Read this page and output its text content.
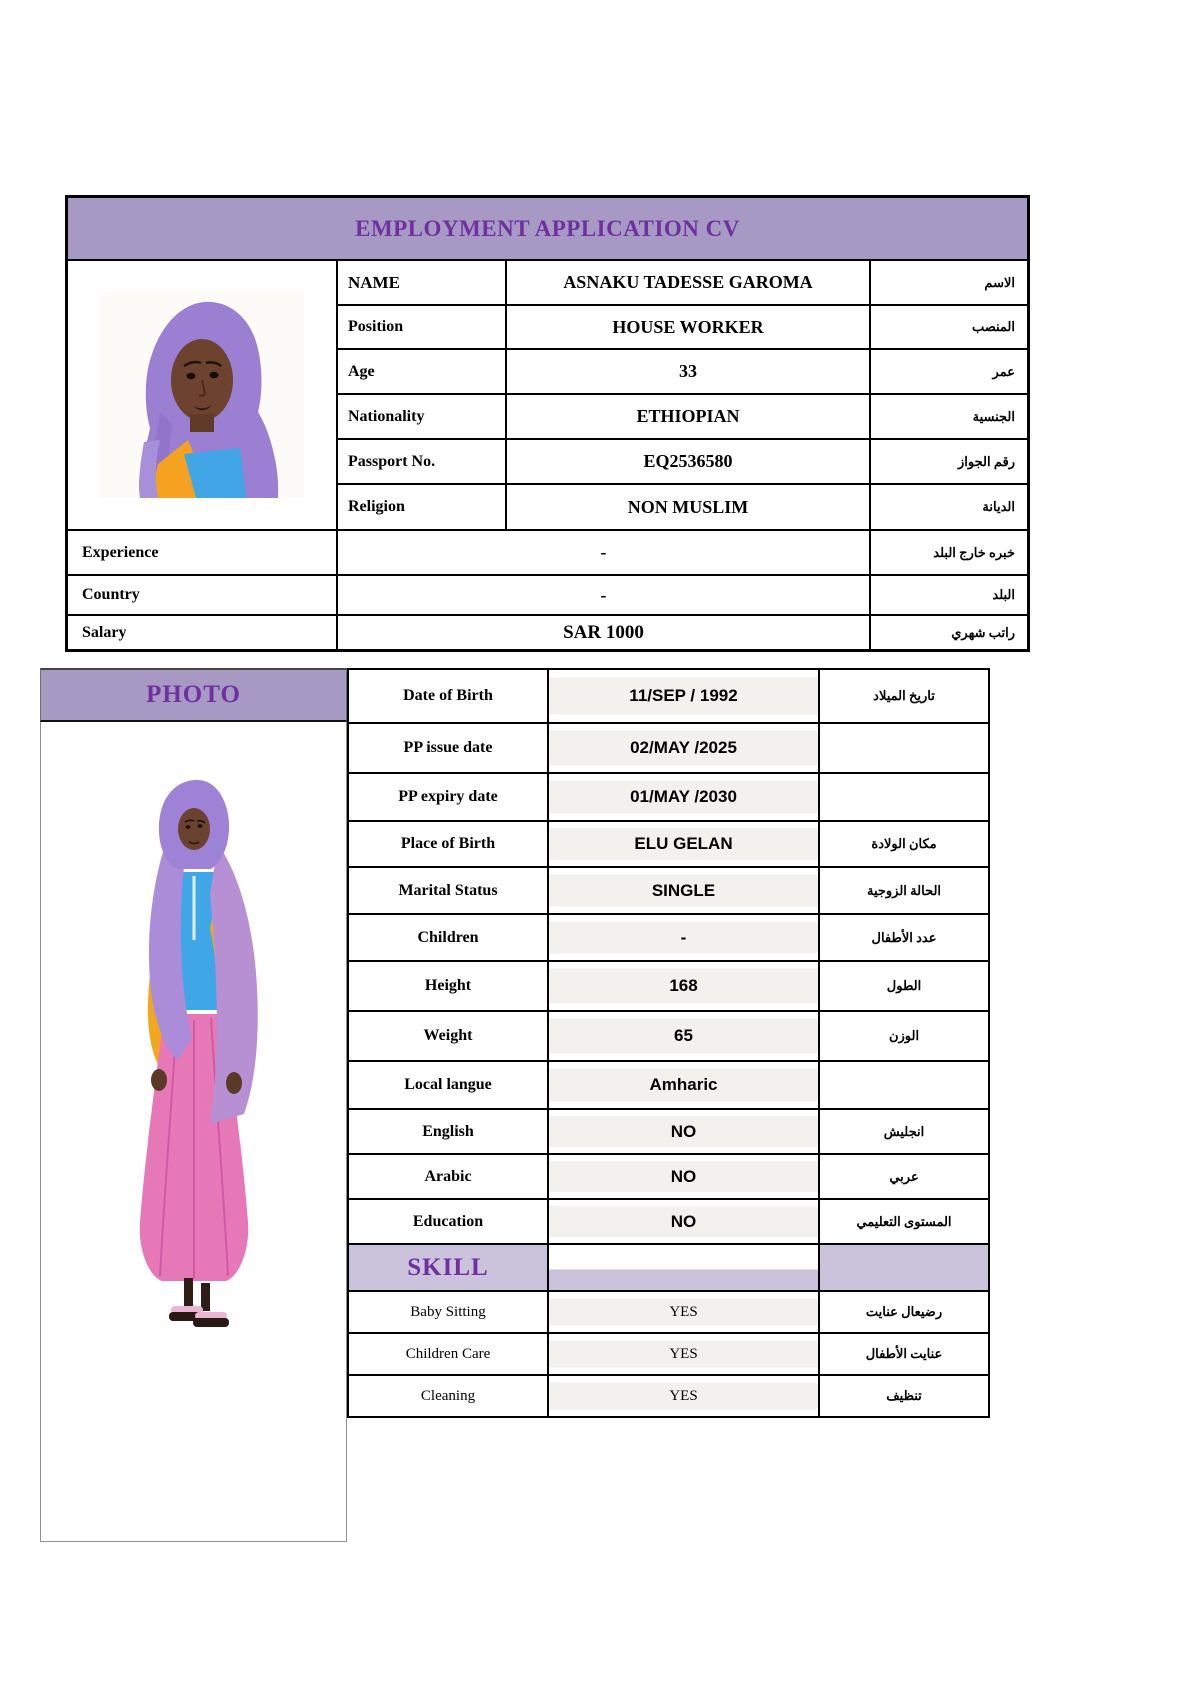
EMPLOYMENT APPLICATION CV
NAME	ASNAKU TADESSE GAROMA	الاسم
Position	HOUSE WORKER	المنصب
Age	33	عمر
Nationality	ETHIOPIAN	الجنسية
Passport No.	EQ2536580	رقم الجواز
Religion	NON MUSLIM	الديانة
Experience	-	خبره خارج البلد
Country	-	البلد
Salary	SAR 1000	راتب شهري
PHOTO	Date of Birth	11/SEP / 1992	تاريخ الميلاد
PP issue date	02/MAY /2025
PP expiry date	01/MAY /2030
Place of Birth	ELU GELAN	مكان الولادة
Marital Status	SINGLE	الحالة الزوجية
Children	-	عدد الأطفال
Height	168	الطول
Weight	65	الوزن
Local langue	Amharic
English	NO	انجليش
Arabic	NO	عربي
Education	NO	المستوى التعليمي
SKILL
Baby Sitting	YES	رضيعال عنايت
Children Care	YES	عنايت الأطفال
Cleaning	YES	تنظيف
